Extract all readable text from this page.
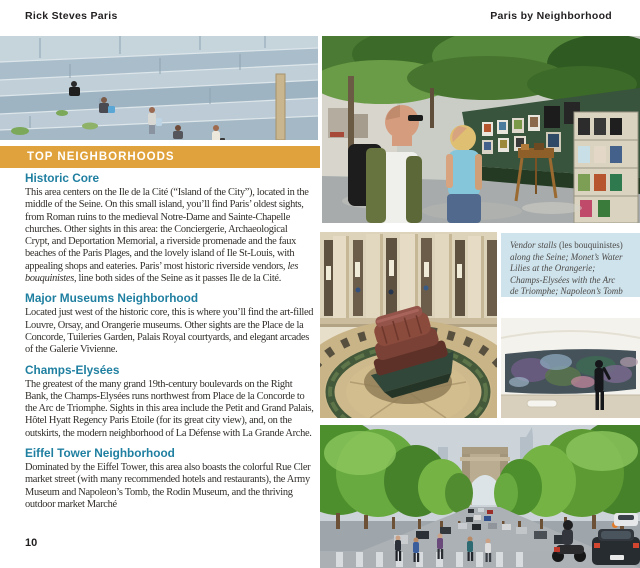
Rick Steves Paris	Paris by Neighborhood
TOP NEIGHBORHOODS
Historic Core

This area centers on the Ile de la Cité (“Island of the City”), located in the middle of the Seine. On this small island, you’ll find Paris’ oldest sights, from Roman ruins to the medieval Notre-Dame and Sainte-Chapelle churches. Other sights in this area: the Conciergerie, Archaeological Crypt, and Deportation Memorial, a riverside promenade and the faux beaches of the Paris Plages, and the lovely island of Ile St-Louis, with appealing shops and eateries. Paris’ most historic riverside vendors, les bouquinistes, line both sides of the Seine as it passes Ile de la Cité.

Major Museums Neighborhood

Located just west of the historic core, this is where you’ll find the art-filled Louvre, Orsay, and Orangerie museums. Other sights are the Place de la Concorde, Tuileries Garden, Palais Royal courtyards, and elegant arcades of the Galerie Vivienne.

Champs-Elysées

The greatest of the many grand 19th-century boulevards on the Right Bank, the Champs-Elysées runs northwest from Place de la Concorde to the Arc de Triomphe. Sights in this area include the Petit and Grand Palais, Hôtel Hyatt Regency Paris Etoile (for its great city view), and, on the outskirts, the modern neighborhood of La Défense with La Grande Arche.

Eiffel Tower Neighborhood

Dominated by the Eiffel Tower, this area also boasts the colorful Rue Cler market street (with many recommended hotels and restaurants), the Army Museum and Napoleon’s Tomb, the Rodin Museum, and the thriving outdoor market Marché

10
Vendor stalls (les bouquinistes)
along the Seine; Monet’s Water
Lilies at the Orangerie;
Champs-Elysées with the Arc
de Triomphe; Napoleon’s Tomb
